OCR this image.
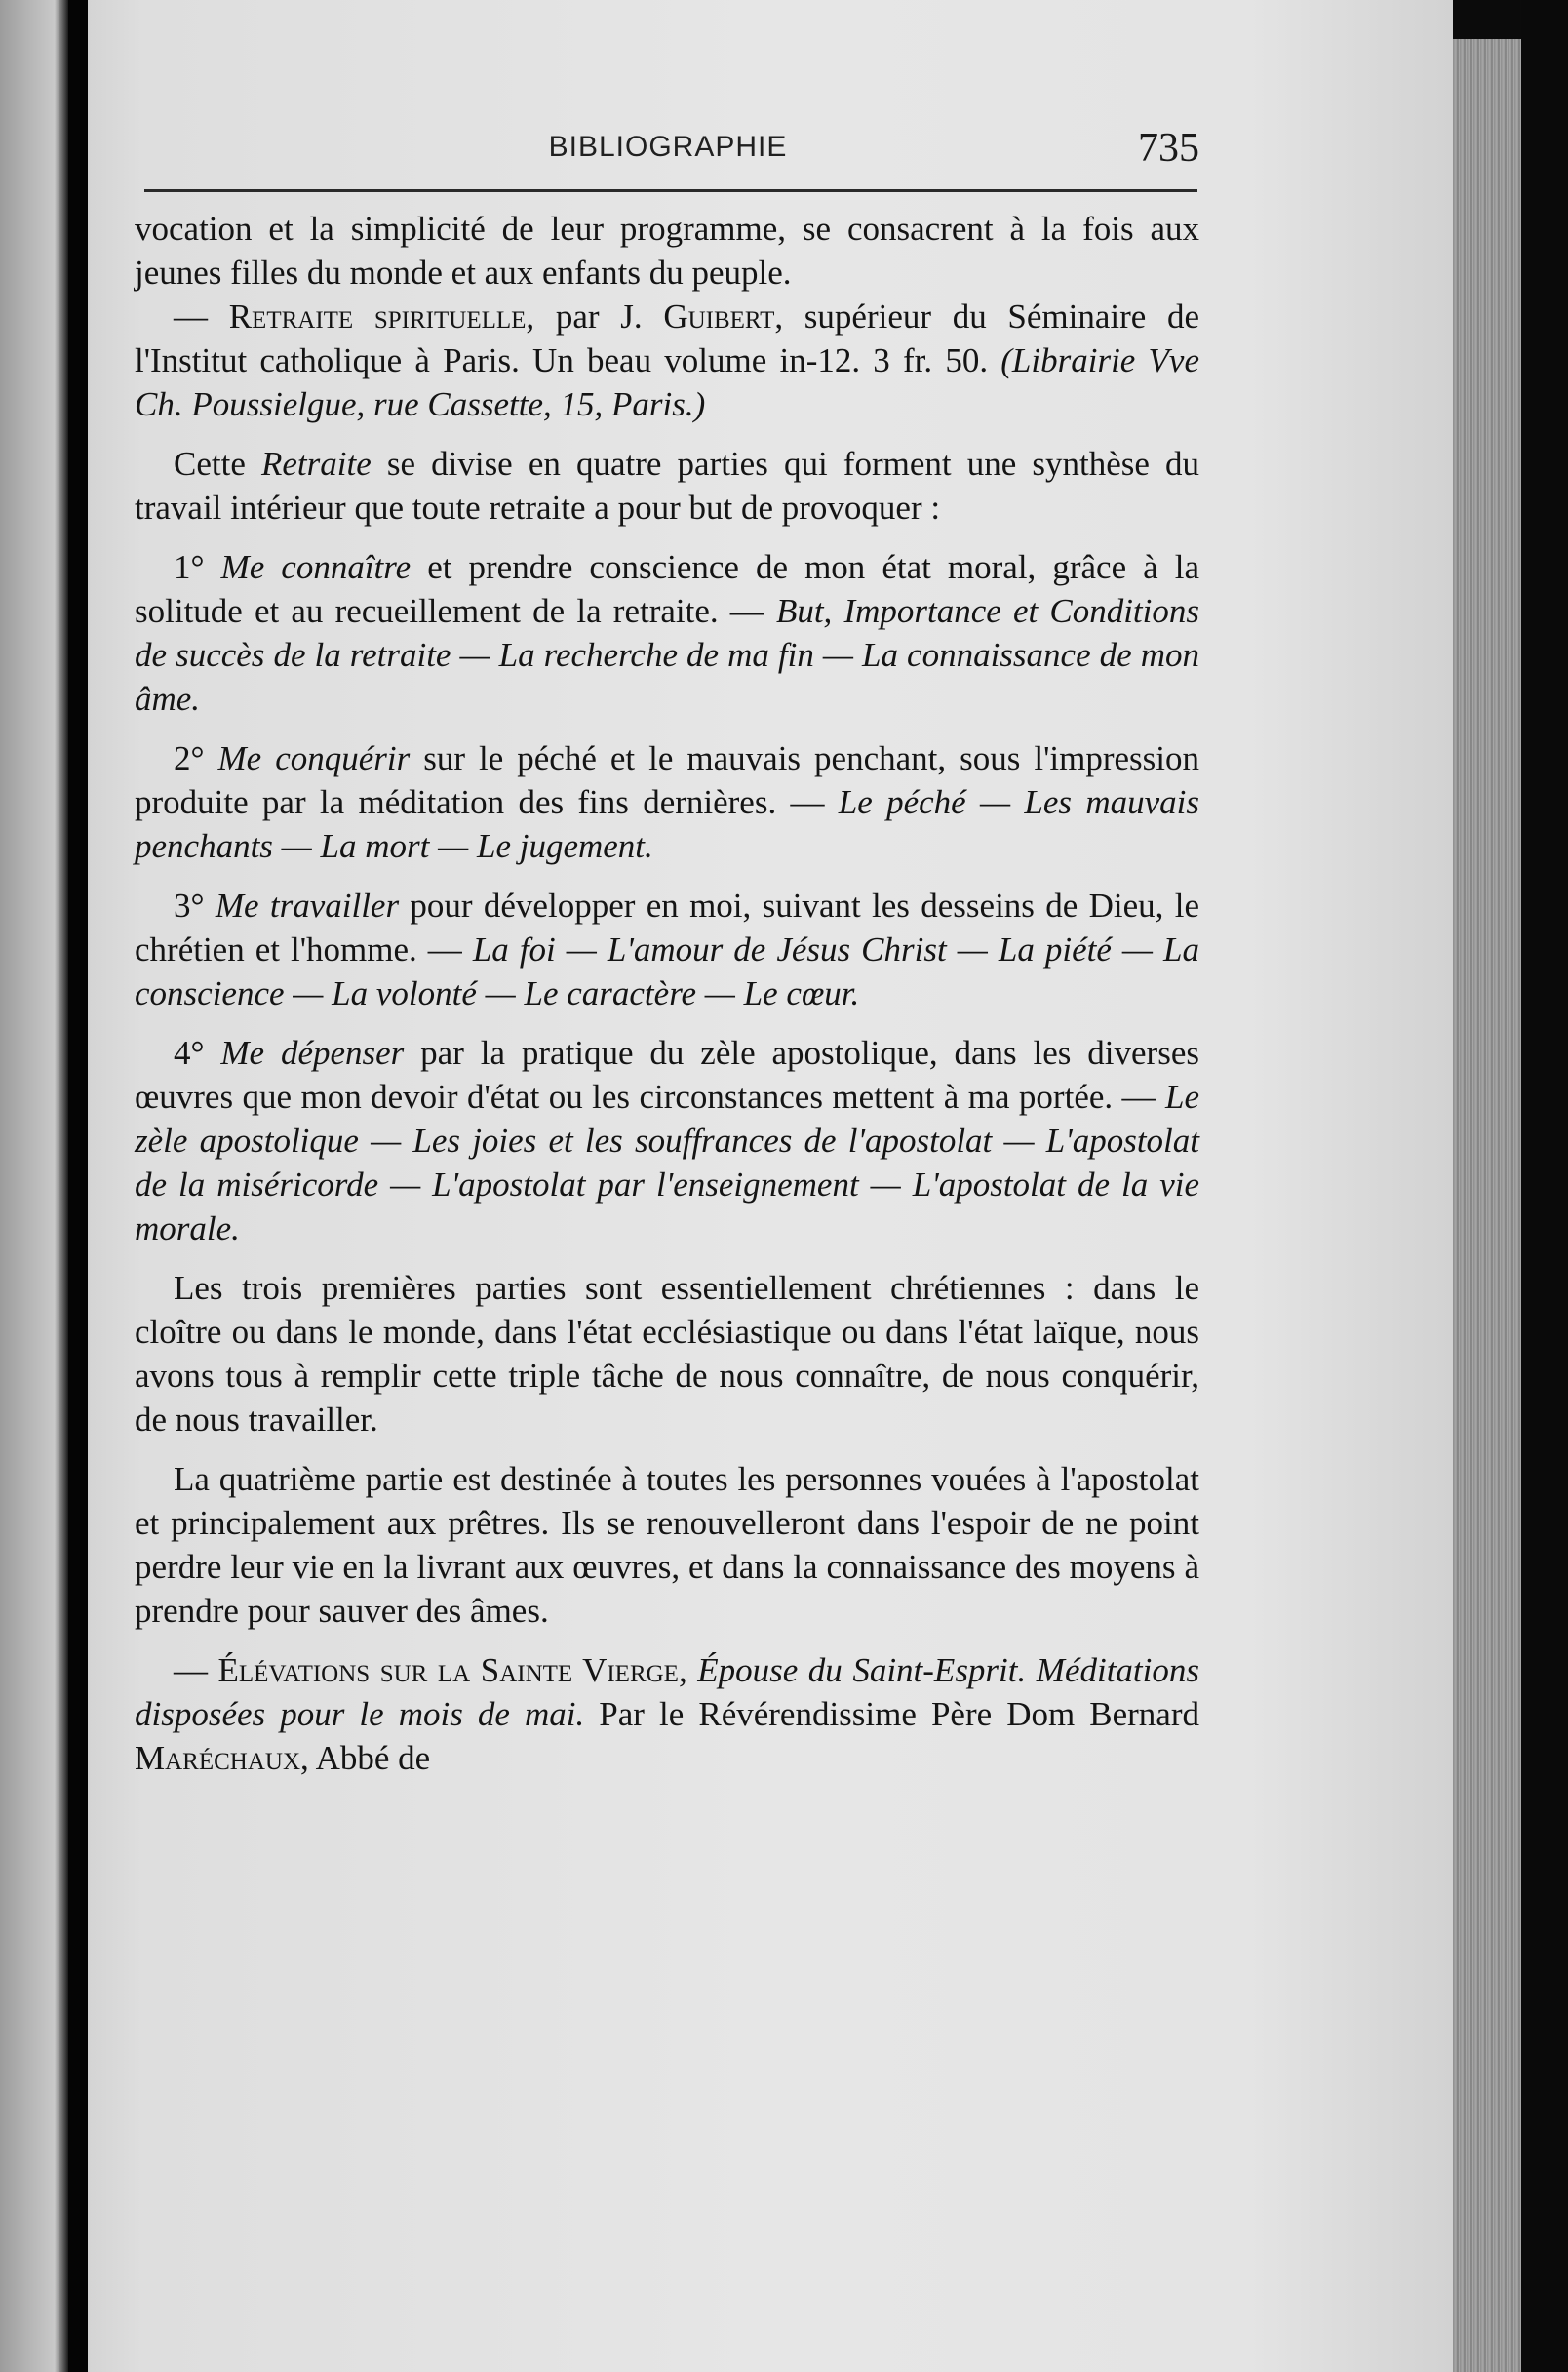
BIBLIOGRAPHIE	735

vocation et la simplicité de leur programme, se consacrent à la fois aux jeunes filles du monde et aux enfants du peuple.

— Retraite spirituelle, par J. Guibert, supérieur du Séminaire de l'Institut catholique à Paris. Un beau volume in-12. 3 fr. 50. (Librairie Vve Ch. Poussielgue, rue Cassette, 15, Paris.)

Cette Retraite se divise en quatre parties qui forment une synthèse du travail intérieur que toute retraite a pour but de provoquer :

1° Me connaître et prendre conscience de mon état moral, grâce à la solitude et au recueillement de la retraite. — But, Importance et Conditions de succès de la retraite — La recherche de ma fin — La connaissance de mon âme.

2° Me conquérir sur le péché et le mauvais penchant, sous l'impression produite par la méditation des fins dernières. — Le péché — Les mauvais penchants — La mort — Le jugement.

3° Me travailler pour développer en moi, suivant les desseins de Dieu, le chrétien et l'homme. — La foi — L'amour de Jésus Christ — La piété — La conscience — La volonté — Le caractère — Le cœur.

4° Me dépenser par la pratique du zèle apostolique, dans les diverses œuvres que mon devoir d'état ou les circonstances mettent à ma portée. — Le zèle apostolique — Les joies et les souffrances de l'apostolat — L'apostolat de la miséricorde — L'apostolat par l'enseignement — L'apostolat de la vie morale.

Les trois premières parties sont essentiellement chrétiennes : dans le cloître ou dans le monde, dans l'état ecclésiastique ou dans l'état laïque, nous avons tous à remplir cette triple tâche de nous connaître, de nous conquérir, de nous travailler.

La quatrième partie est destinée à toutes les personnes vouées à l'apostolat et principalement aux prêtres. Ils se renouvelleront dans l'espoir de ne point perdre leur vie en la livrant aux œuvres, et dans la connaissance des moyens à prendre pour sauver des âmes.

— Élévations sur la Sainte Vierge, Épouse du Saint-Esprit. Méditations disposées pour le mois de mai. Par le Révérendissime Père Dom Bernard Maréchaux, Abbé de
